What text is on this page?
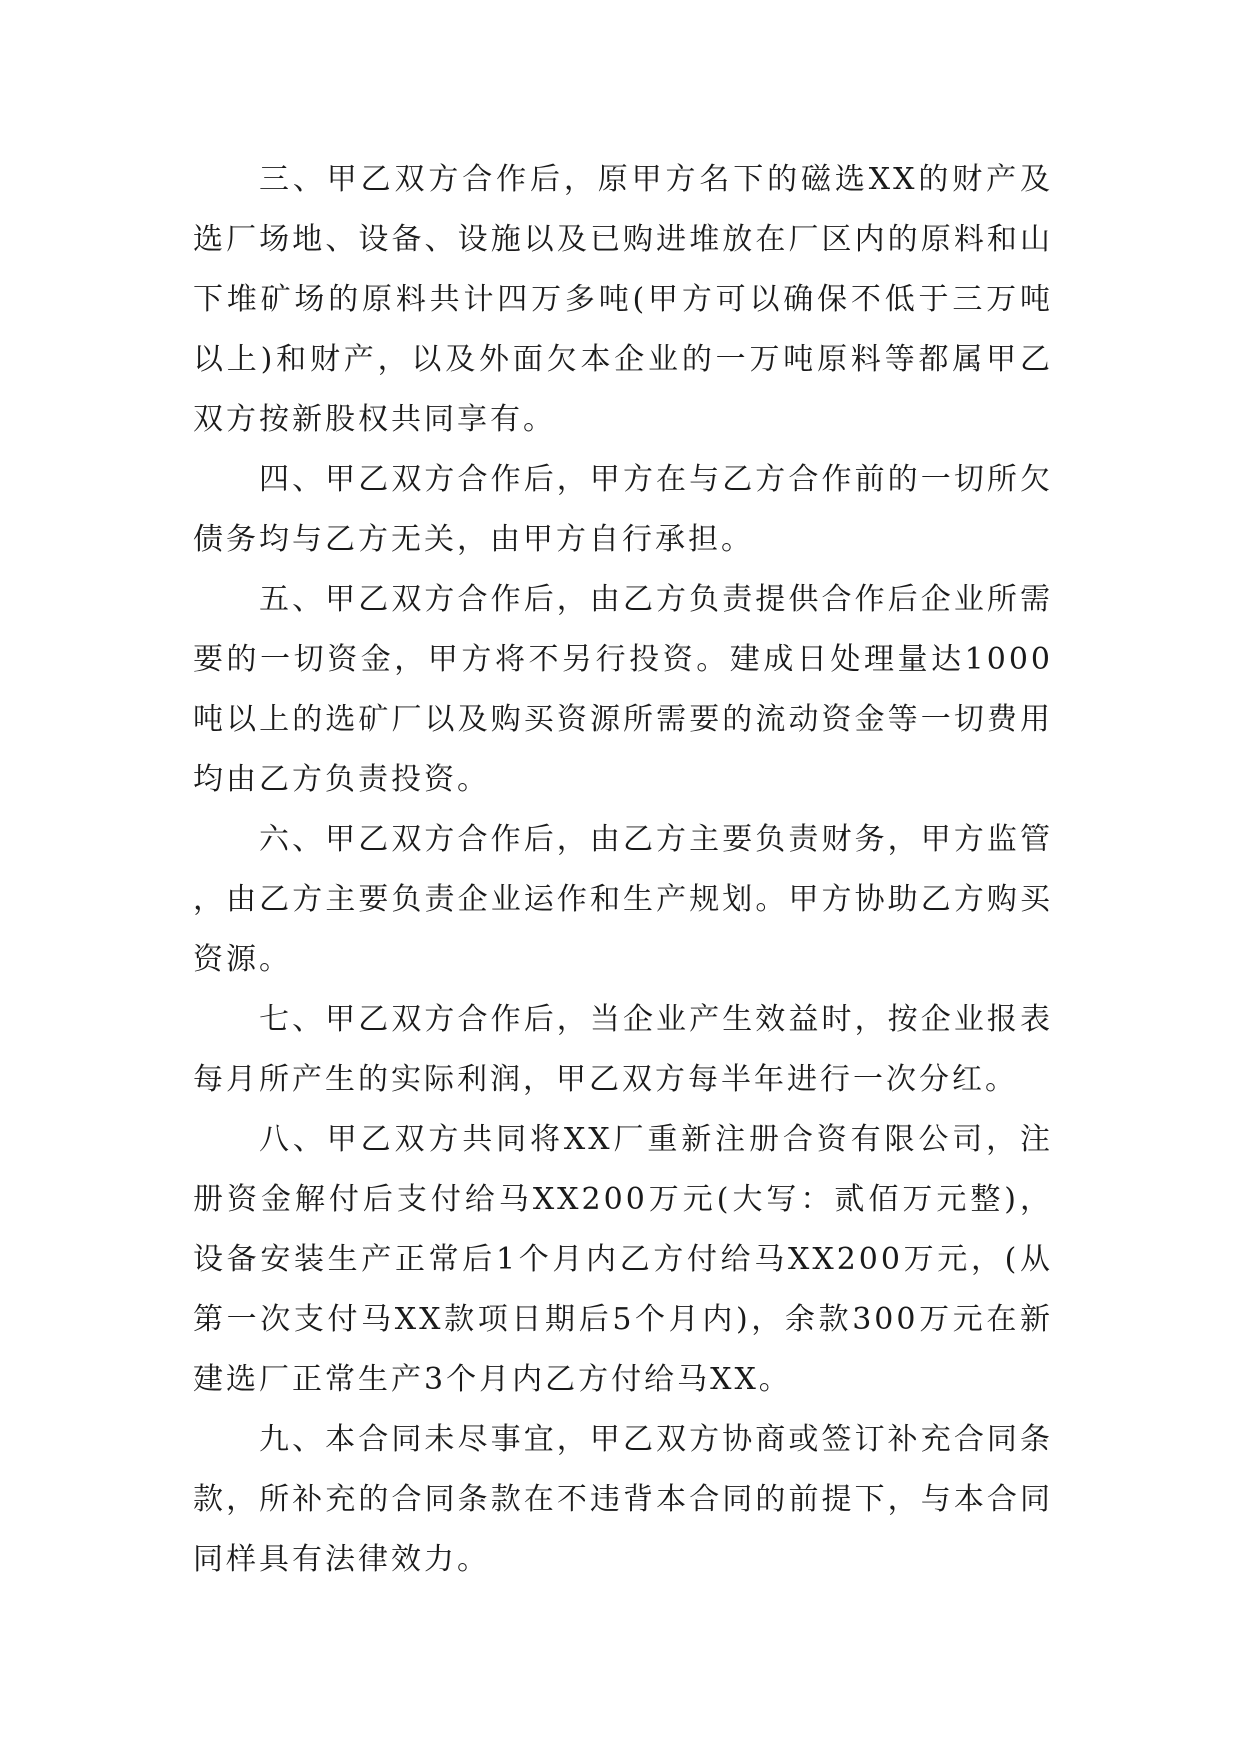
三、甲乙双方合作后，原甲方名下的磁选XX的财产及选厂场地、设备、设施以及已购进堆放在厂区内的原料和山下堆矿场的原料共计四万多吨(甲方可以确保不低于三万吨以上)和财产，以及外面欠本企业的一万吨原料等都属甲乙双方按新股权共同享有。

四、甲乙双方合作后，甲方在与乙方合作前的一切所欠债务均与乙方无关，由甲方自行承担。

五、甲乙双方合作后，由乙方负责提供合作后企业所需要的一切资金，甲方将不另行投资。建成日处理量达1000吨以上的选矿厂以及购买资源所需要的流动资金等一切费用均由乙方负责投资。

六、甲乙双方合作后，由乙方主要负责财务，甲方监管，由乙方主要负责企业运作和生产规划。甲方协助乙方购买资源。

七、甲乙双方合作后，当企业产生效益时，按企业报表每月所产生的实际利润，甲乙双方每半年进行一次分红。

八、甲乙双方共同将XX厂重新注册合资有限公司，注册资金解付后支付给马XX200万元(大写：贰佰万元整)，设备安装生产正常后1个月内乙方付给马XX200万元，(从第一次支付马XX款项日期后5个月内)，余款300万元在新建选厂正常生产3个月内乙方付给马XX。

九、本合同未尽事宜，甲乙双方协商或签订补充合同条款，所补充的合同条款在不违背本合同的前提下，与本合同同样具有法律效力。
